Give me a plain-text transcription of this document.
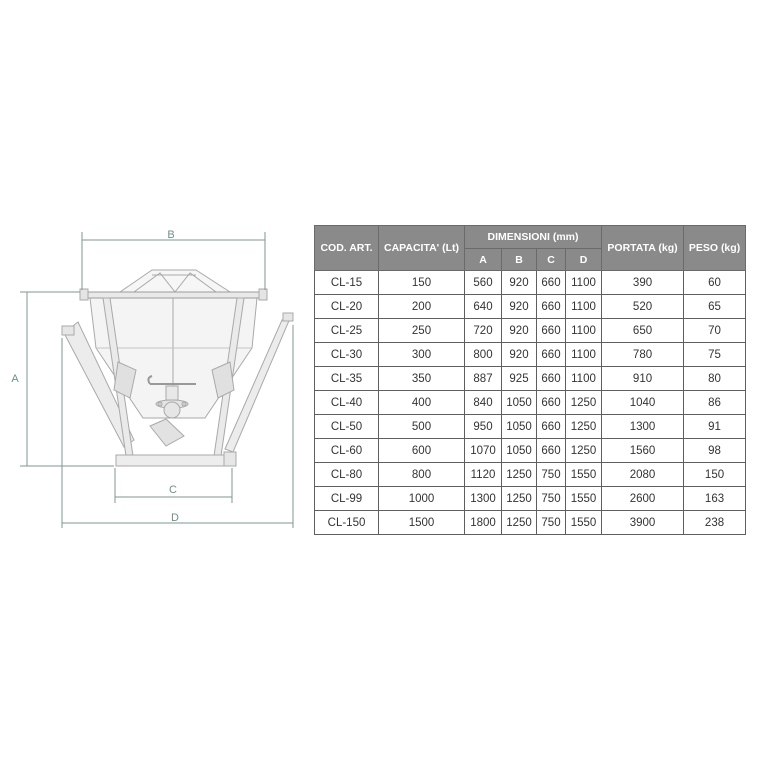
B
A
C
D
COD. ART.	CAPACITA' (Lt)	DIMENSIONI (mm)				PORTATA (kg)	PESO (kg)
		A	B	C	D		
CL-15	150	560	920	660	1100	390	60
CL-20	200	640	920	660	1100	520	65
CL-25	250	720	920	660	1100	650	70
CL-30	300	800	920	660	1100	780	75
CL-35	350	887	925	660	1100	910	80
CL-40	400	840	1050	660	1250	1040	86
CL-50	500	950	1050	660	1250	1300	91
CL-60	600	1070	1050	660	1250	1560	98
CL-80	800	1120	1250	750	1550	2080	150
CL-99	1000	1300	1250	750	1550	2600	163
CL-150	1500	1800	1250	750	1550	3900	238
